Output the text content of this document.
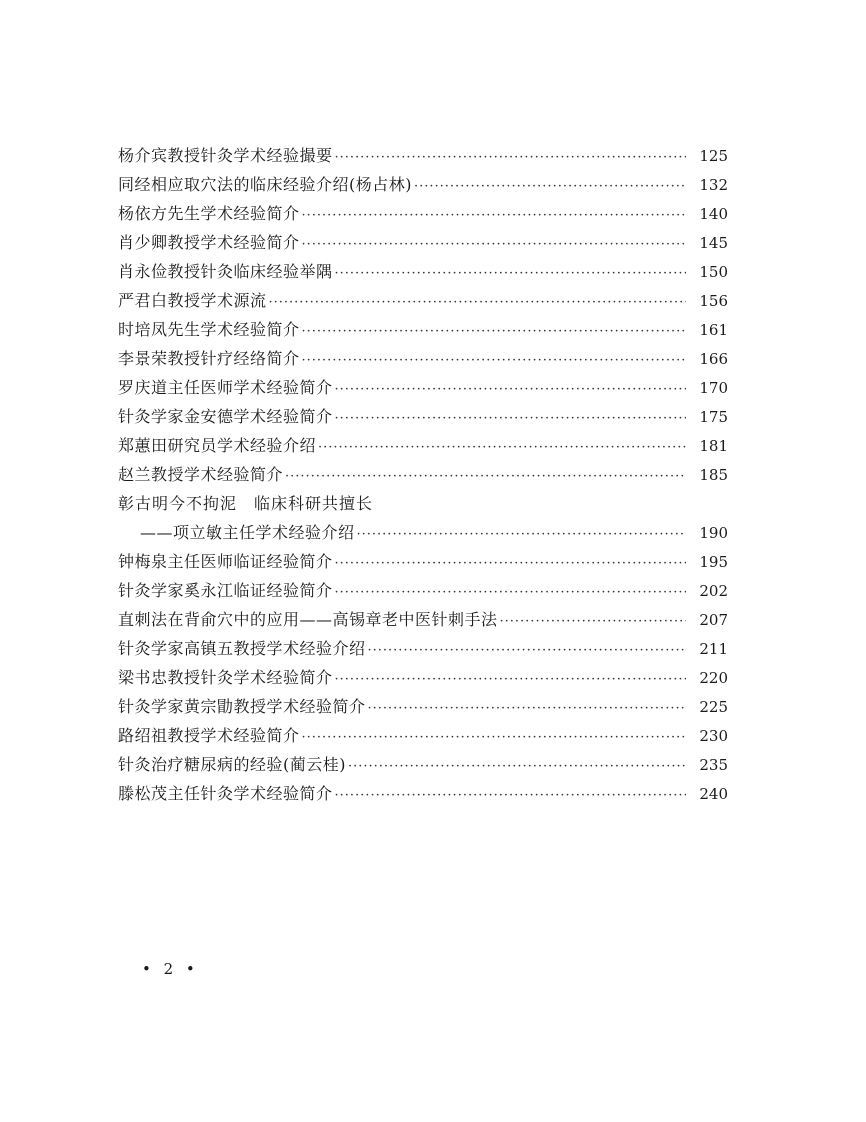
杨介宾教授针灸学术经验撮要 ·····	125
同经相应取穴法的临床经验介绍(杨占林) ·····	132
杨依方先生学术经验简介 ·····	140
肖少卿教授学术经验简介 ·····	145
肖永俭教授针灸临床经验举隅 ·····	150
严君白教授学术源流 ·····	156
时培凤先生学术经验简介 ·····	161
李景荣教授针疗经络简介 ·····	166
罗庆道主任医师学术经验简介 ·····	170
针灸学家金安德学术经验简介 ·····	175
郑蕙田研究员学术经验介绍 ·····	181
赵兰教授学术经验简介 ·····	185
彰古明今不拘泥　临床科研共擅长
——项立敏主任学术经验介绍 ·····	190
钟梅泉主任医师临证经验简介 ·····	195
针灸学家奚永江临证经验简介 ·····	202
直刺法在背俞穴中的应用——高锡章老中医针刺手法 ·····	207
针灸学家高镇五教授学术经验介绍 ·····	211
梁书忠教授针灸学术经验简介 ·····	220
针灸学家黄宗勖教授学术经验简介 ·····	225
路绍祖教授学术经验简介 ·····	230
针灸治疗糖尿病的经验(蔺云桂) ·····	235
滕松茂主任针灸学术经验简介 ·····	240
• 2 •
